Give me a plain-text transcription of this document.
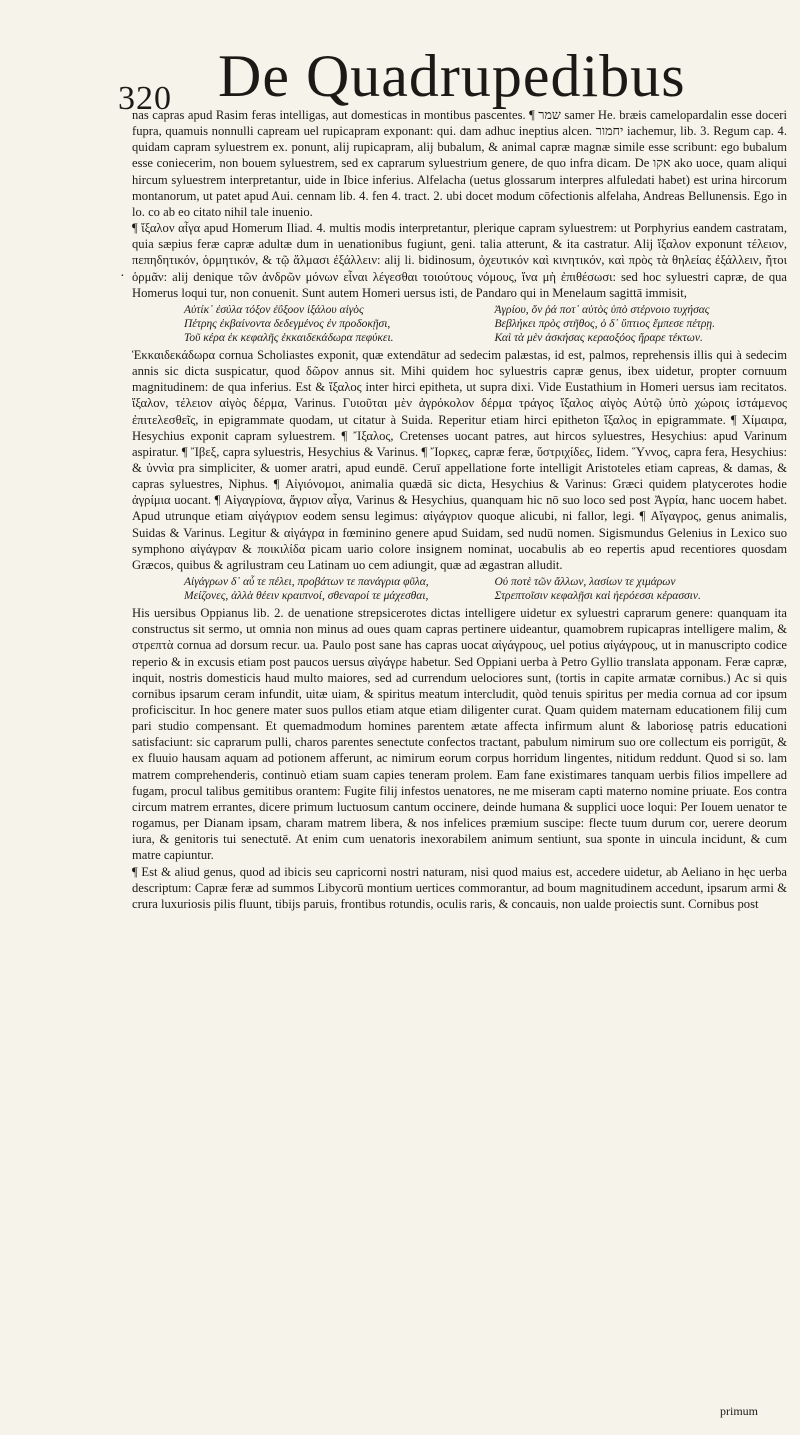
320 De Quadrupedibus
·

nas capras apud Rasim feras intelligas, aut domesticas in montibus pascentes. ¶ שמר samer He. bræis camelopardalin esse doceri fupra, quamuis nonnulli capream uel rupicapram exponant: qui. dam adhuc ineptius alcen. יחמור iachemur, lib. 3. Regum cap. 4. quidam capram syluestrem ex. ponunt, alij rupicapram, alij bubalum, & animal capræ magnæ simile esse scribunt: ego bubalum esse coniecerim, non bouem syluestrem, sed ex caprarum syluestrium genere, de quo infra dicam. De אקו ako uoce, quam aliqui hircum syluestrem interpretantur, uide in Ibice inferius. Alfelacha (uetus glossarum interpres alfuledati habet) est urina hircorum montanorum, ut patet apud Aui. cennam lib. 4. fen 4. tract. 2. ubi docet modum cōfectionis alfelaha, Andreas Bellunensis. Ego in lo. co ab eo citato nihil tale inuenio.

¶ ἴξαλον αἶγα apud Homerum Iliad. 4. multis modis interpretantur, plerique capram syluestrem: ut Porphyrius eandem castratam, quia sæpius feræ capræ adultæ dum in uenationibus fugiunt, geni. talia atterunt, & ita castratur. Alij ἴξαλον exponunt τέλειον, πεπηδητικόν, ὁρμητικόν, & τῷ ἅλμασι ἐξάλλειν: alij li. bidinosum, ὀχευτικόν καὶ κινητικόν, καὶ πρὸς τὰ θηλείας ἐξάλλειν, ἤτοι ὁρμᾶν: alij denique τῶν ἀνδρῶν μόνων εἶναι λέγεσθαι τοιούτους νόμους, ἵνα μὴ ἐπιθέσωσι: sed hoc syluestri capræ, de qua Homerus loqui tur, non conuenit. Sunt autem Homeri uersus isti, de Pandaro qui in Menelaum sagittā immisit,

Αὐτίκ᾽ ἐσύλα τόξον ἐΰξοον ἰξάλου αἰγὸς	Ἀγρίου, ὅν ῥά ποτ᾽ αὐτὸς ὑπὸ στέρνοιο τυχήσας
Πέτρης ἐκβαίνοντα δεδεγμένος ἐν προδοκῇσι,	Βεβλήκει πρὸς στῆθος, ὁ δ᾽ ὕπτιος ἔμπεσε πέτρῃ.
Τοῦ κέρα ἐκ κεφαλῆς ἑκκαιδεκάδωρα πεφύκει.	Καὶ τὰ μὲν ἀσκήσας κεραοξόος ἤραρε τέκτων.

Ἑκκαιδεκάδωρα cornua Scholiastes exponit, quæ extendātur ad sedecim palæstas, id est, palmos, reprehensis illis qui à sedecim annis sic dicta suspicatur, quod δῶρον annus sit. Mihi quidem hoc syluestris capræ genus, ibex uidetur, propter cornuum magnitudinem: de qua inferius. Est & ἴξαλος inter hirci epitheta, ut supra dixi. Vide Eustathium in Homeri uersus iam recitatos. ἴξαλον, τέλειον αἰγὸς δέρμα, Varinus. Γυιοῦται μὲν ἀγρόκολον δέρμα τράγος ἴξαλος αἰγὸς Αὐτῷ ὑπὸ χώροις ἱστάμενος ἐπιτελεσθεῖς, in epigrammate quodam, ut citatur à Suida. Reperitur etiam hirci epitheton ἴξαλος in epigrammate. ¶ Χίμαιρα, Hesychius exponit capram syluestrem. ¶ Ἴξαλος, Cretenses uocant patres, aut hircos syluestres, Hesychius: apud Varinum aspiratur. ¶ Ἴβεξ, capra syluestris, Hesychius & Varinus. ¶ Ἴορκες, capræ feræ, ὕστριχίδες, Iidem. Ὕννος, capra fera, Hesychius: & ὑννὶα pra simpliciter, & uomer aratri, apud eundē. Ceruī appellatione forte intelligit Aristoteles etiam capreas, & damas, & capras syluestres, Niphus. ¶ Αἰγιόνομοι, animalia quædā sic dicta, Hesychius & Varinus: Græci quidem platycerotes hodie ἀγρίμια uocant. ¶ Αἰγαγρίονα, ἄγριον αἶγα, Varinus & Hesychius, quanquam hic nō suo loco sed post Ἀγρία, hanc uocem habet. Apud utrunque etiam αἰγάγριον eodem sensu legimus: αἰγάγριον quoque alicubi, ni fallor, legi. ¶ Αἴγαγρος, genus animalis, Suidas & Varinus. Legitur & αἰγάγρα in fœminino genere apud Suidam, sed nudū nomen. Sigismundus Gelenius in Lexico suo symphono αἰγάγραν & ποικιλίδα picam uario colore insignem nominat, uocabulis ab eo repertis apud recentiores quosdam Græcos, quibus & agrilustram ceu Latinam uo cem adiungit, quæ ad ægastran alludit.

Αἰγάγρων δ᾽ αὖ τε πέλει, προβάτων τε πανάγρια φῦλα,	Οὐ ποτὲ τῶν ἄλλων, λασίων τε χιμάρων
Μείζονες, ἀλλὰ θέειν κραιπνοί, σθεναροί τε μάχεσθαι,	Στρεπτοῖσιν κεφαλῇσι καὶ ἠερόεσσι κέρασσιν.

His uersibus Oppianus lib. 2. de uenatione strepsicerotes dictas intelligere uidetur ex syluestri caprarum genere: quanquam ita constructus sit sermo, ut omnia non minus ad oues quam capras pertinere uideantur, quamobrem rupicapras intelligere malim, & στρεπτὰ cornua ad dorsum recur. ua. Paulo post sane has capras uocat αἰγάγρους, uel potius αἰγάγρους, ut in manuscripto codice reperio & in excusis etiam post paucos uersus αἰγάγρε habetur. Sed Oppiani uerba à Petro Gyllio translata apponam. Feræ capræ, inquit, nostris domesticis haud multo maiores, sed ad currendum uelociores sunt, (tortis in capite armatæ cornibus.) Ac si quis cornibus ipsarum ceram infundit, uitæ uiam, & spiritus meatum intercludit, quòd tenuis spiritus per media cornua ad cor ipsum proficiscitur. In hoc genere mater suos pullos etiam atque etiam diligenter curat. Quam quidem maternam educationem filij cum pari studio compensant. Et quemadmodum homines parentem ætate affecta infirmum alunt & laboriosę patris educationi satisfaciunt: sic caprarum pulli, charos parentes senectute confectos tractant, pabulum nimirum suo ore collectum eis porrigūt, & ex fluuio hausam aquam ad potionem afferunt, ac nimirum eorum corpus horridum lingentes, nitidum reddunt. Quod si so. lam matrem comprehenderis, continuò etiam suam capies teneram prolem. Eam fane existimares tanquam uerbis filios impellere ad fugam, procul talibus gemitibus orantem: Fugite filij infestos uenatores, ne me miseram capti materno nomine priuate. Eos contra circum matrem errantes, dicere primum luctuosum cantum occinere, deinde humana & supplici uoce loqui: Per Iouem uenator te rogamus, per Dianam ipsam, charam matrem libera, & nos infelices præmium suscipe: flecte tuum durum cor, uerere deorum iura, & genitoris tui senectutē. At enim cum uenatoris inexorabilem animum sentiunt, sua sponte in uincula incidunt, & cum matre capiuntur.

¶ Est & aliud genus, quod ad ibicis seu capricorni nostri naturam, nisi quod maius est, accedere uidetur, ab Aeliano in hęc uerba descriptum: Capræ feræ ad summos Libycorū montium uertices commorantur, ad boum magnitudinem accedunt, ipsarum armi & crura luxuriosis pilis fluunt, tibijs paruis, frontibus rotundis, oculis raris, & concauis, non ualde proiectis sunt. Cornibus post

primum
